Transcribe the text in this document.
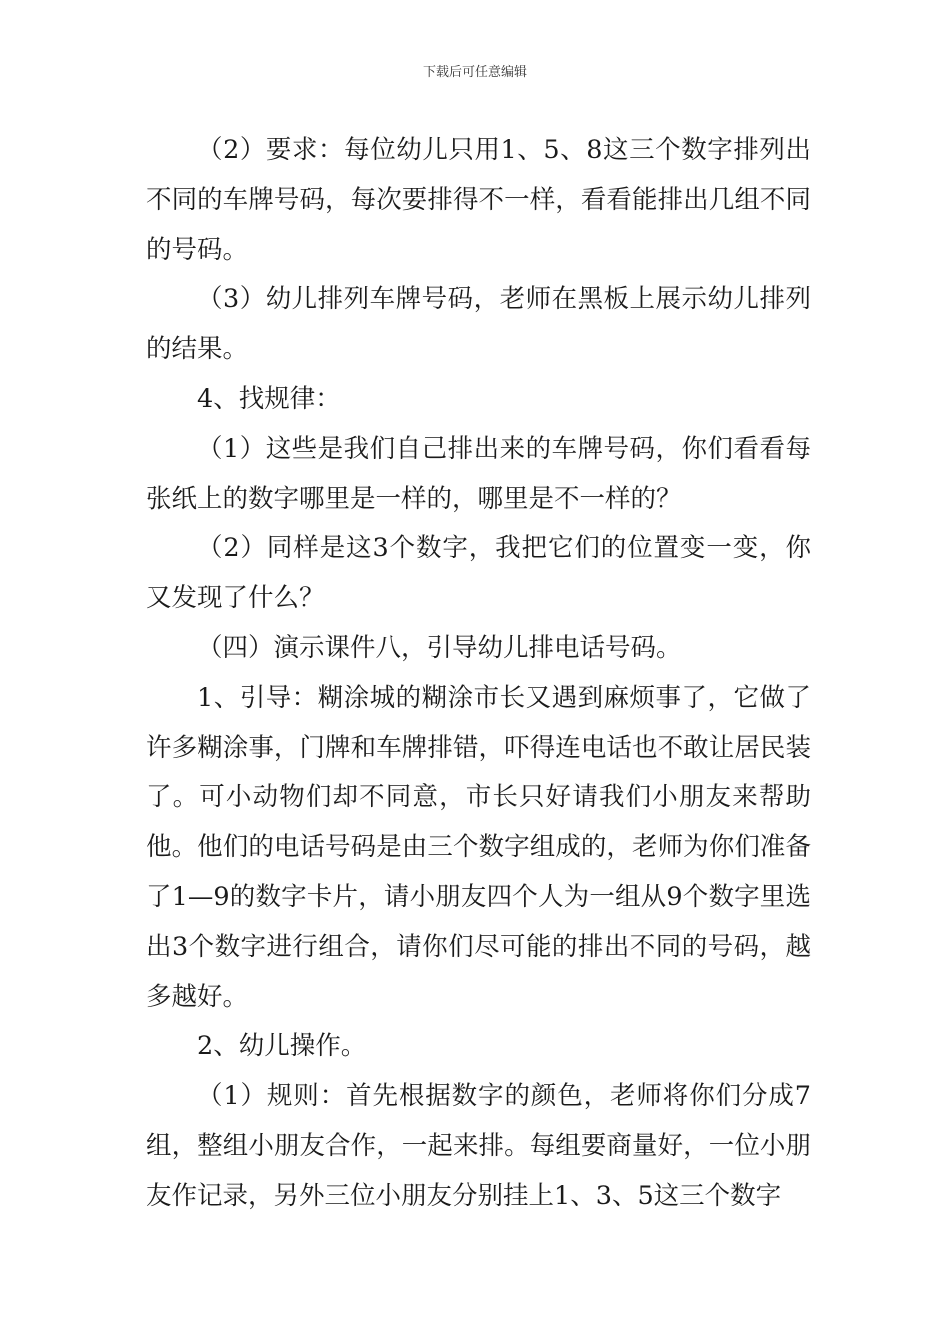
下载后可任意编辑

（2）要求：每位幼儿只用1、5、8这三个数字排列出不同的车牌号码，每次要排得不一样，看看能排出几组不同的号码。

（3）幼儿排列车牌号码，老师在黑板上展示幼儿排列的结果。

4、找规律：

（1）这些是我们自己排出来的车牌号码，你们看看每张纸上的数字哪里是一样的，哪里是不一样的？

（2）同样是这3个数字，我把它们的位置变一变，你又发现了什么？

（四）演示课件八，引导幼儿排电话号码。

1、引导：糊涂城的糊涂市长又遇到麻烦事了，它做了许多糊涂事，门牌和车牌排错，吓得连电话也不敢让居民装了。可小动物们却不同意，市长只好请我们小朋友来帮助他。他们的电话号码是由三个数字组成的，老师为你们准备了1—9的数字卡片，请小朋友四个人为一组从9个数字里选出3个数字进行组合，请你们尽可能的排出不同的号码，越多越好。

2、幼儿操作。

（1）规则：首先根据数字的颜色，老师将你们分成7组，整组小朋友合作，一起来排。每组要商量好，一位小朋友作记录，另外三位小朋友分别挂上1、3、5这三个数字
